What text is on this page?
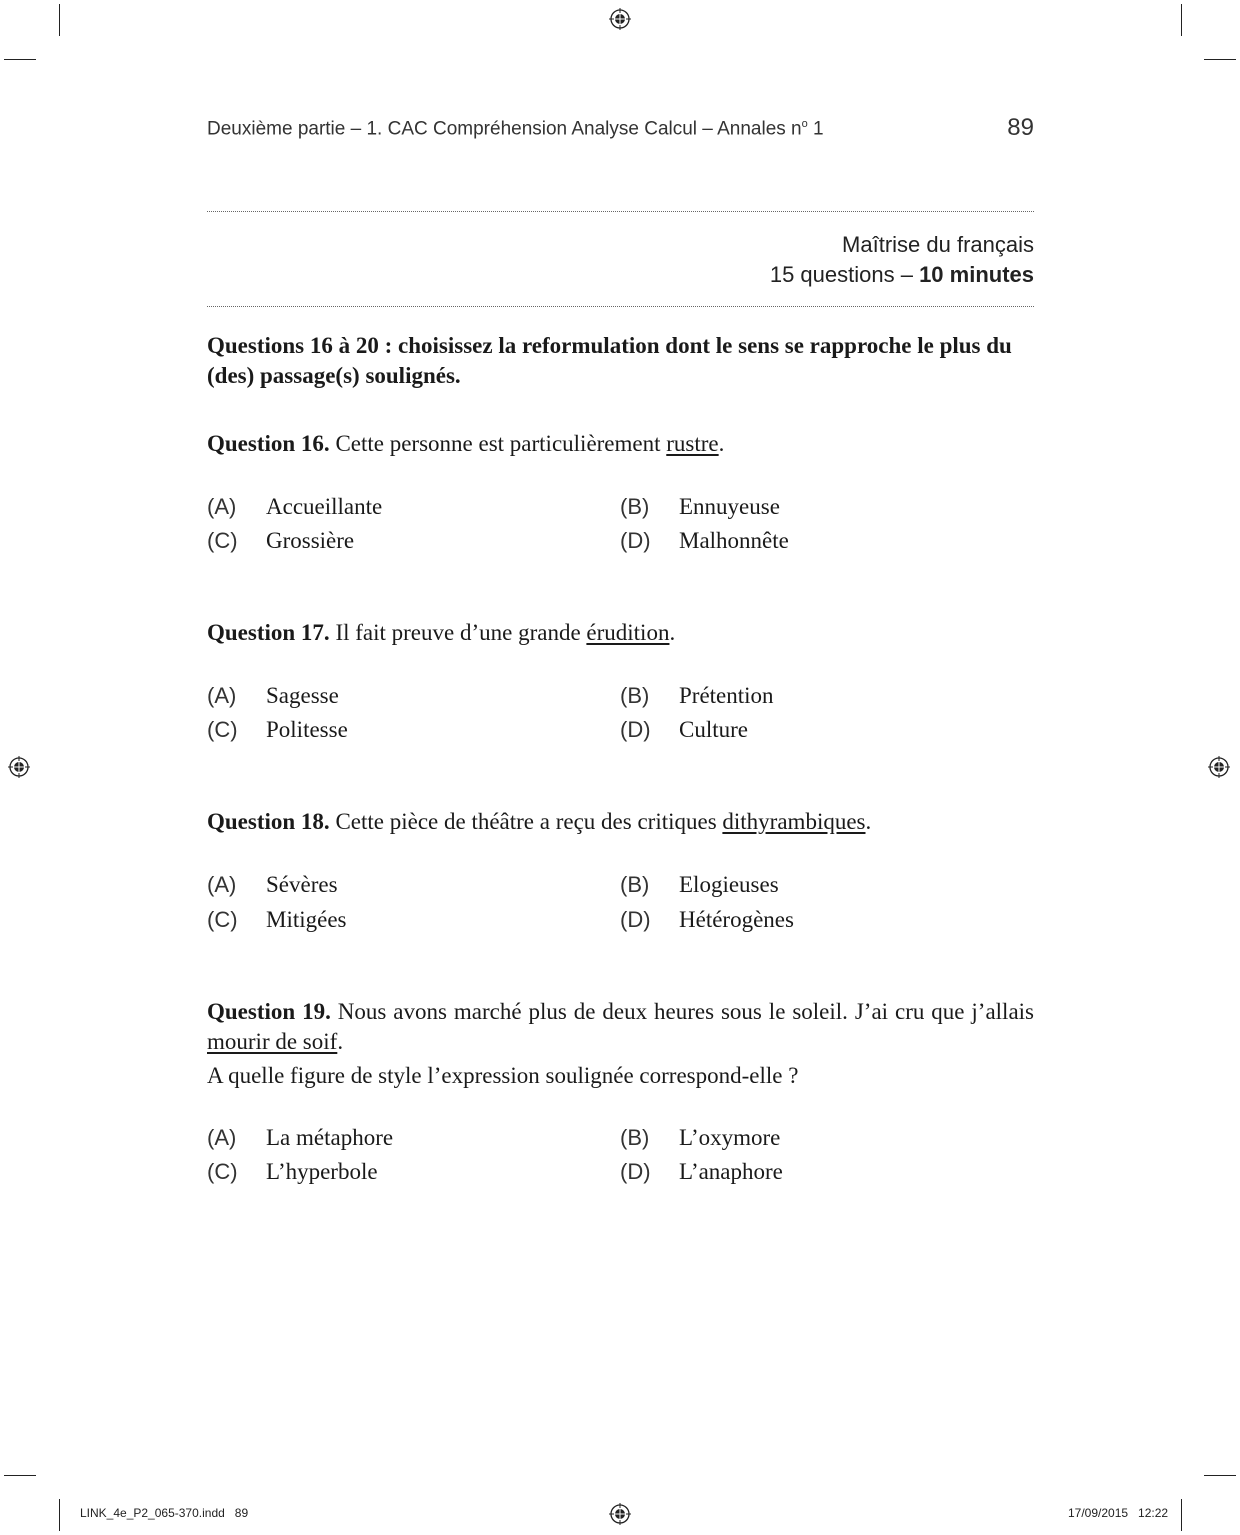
Deuxième partie – 1. CAC Compréhension Analyse Calcul – Annales $n^o$ 1	89
Maîtrise du français
15 questions – 10 minutes
Questions 16 à 20 : choisissez la reformulation dont le sens se rapproche le plus du (des) passage(s) soulignés.
Question 16. Cette personne est particulièrement rustre.
(A) Accueillante	(B) Ennuyeuse
(C) Grossière	(D) Malhonnête
Question 17. Il fait preuve d’une grande érudition.
(A) Sagesse	(B) Prétention
(C) Politesse	(D) Culture
Question 18. Cette pièce de théâtre a reçu des critiques dithyrambiques.
(A) Sévères	(B) Elogieuses
(C) Mitigées	(D) Hétérogènes
Question 19. Nous avons marché plus de deux heures sous le soleil. J’ai cru que j’allais mourir de soif.
A quelle figure de style l’expression soulignée correspond-elle ?
(A) La métaphore	(B) L’oxymore
(C) L’hyperbole	(D) L’anaphore
LINK_4e_P2_065-370.indd   89	17/09/2015   12:22
